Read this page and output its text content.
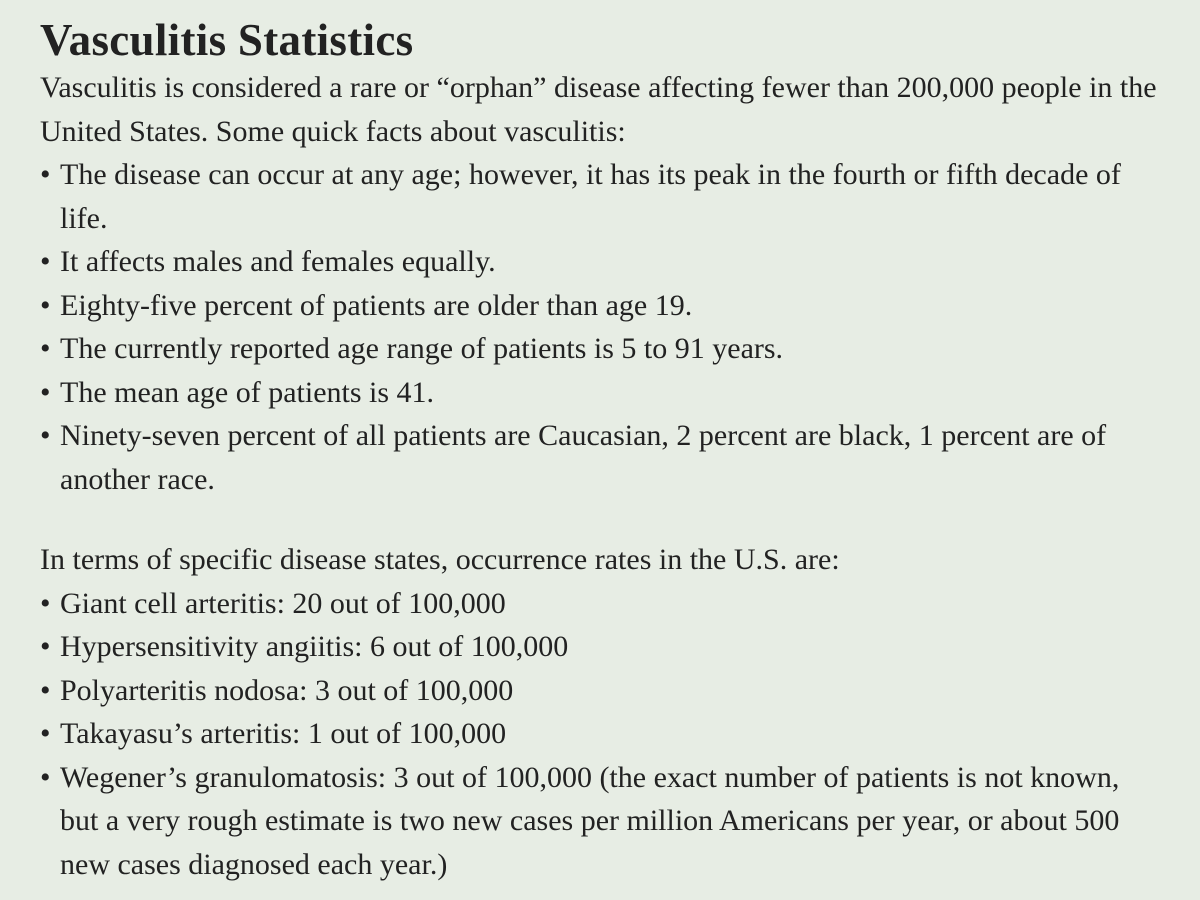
Vasculitis Statistics

Vasculitis is considered a rare or “orphan” disease affecting fewer than 200,000 people in the United States. Some quick facts about vasculitis:

• The disease can occur at any age; however, it has its peak in the fourth or fifth decade of life.
• It affects males and females equally.
• Eighty-five percent of patients are older than age 19.
• The currently reported age range of patients is 5 to 91 years.
• The mean age of patients is 41.
• Ninety-seven percent of all patients are Caucasian, 2 percent are black, 1 percent are of another race.

In terms of specific disease states, occurrence rates in the U.S. are:

• Giant cell arteritis: 20 out of 100,000
• Hypersensitivity angiitis: 6 out of 100,000
• Polyarteritis nodosa: 3 out of 100,000
• Takayasu’s arteritis: 1 out of 100,000
• Wegener’s granulomatosis: 3 out of 100,000 (the exact number of patients is not known, but a very rough estimate is two new cases per million Americans per year, or about 500 new cases diagnosed each year.)
